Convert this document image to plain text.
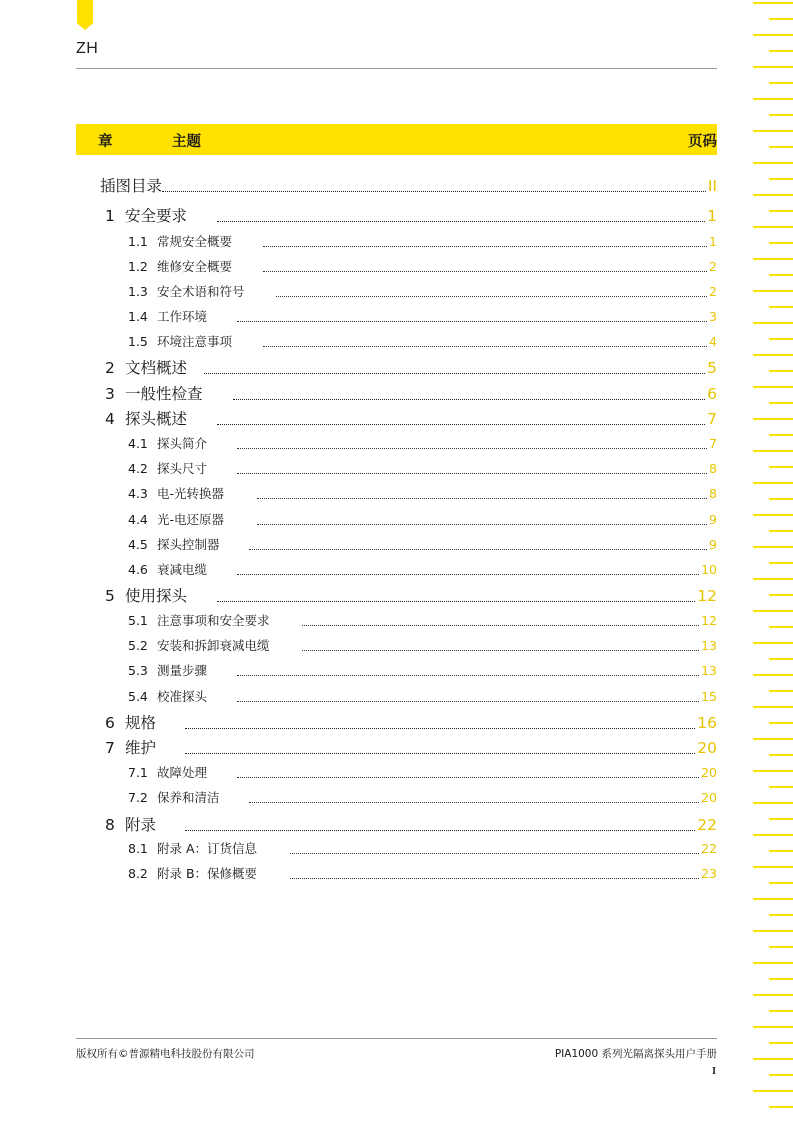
ZH
章	主题	页码
插图目录	II
1 安全要求	1
1.1 常规安全概要	1
1.2 维修安全概要	2
1.3 安全术语和符号	2
1.4 工作环境	3
1.5 环境注意事项	4
2 文档概述	5
3 一般性检查	6
4 探头概述	7
4.1 探头简介	7
4.2 探头尺寸	8
4.3 电-光转换器	8
4.4 光-电还原器	9
4.5 探头控制器	9
4.6 衰减电缆	10
5 使用探头	12
5.1 注意事项和安全要求	12
5.2 安装和拆卸衰减电缆	13
5.3 测量步骤	13
5.4 校准探头	15
6 规格	16
7 维护	20
7.1 故障处理	20
7.2 保养和清洁	20
8 附录	22
8.1 附录 A：订货信息	22
8.2 附录 B：保修概要	23
版权所有©普源精电科技股份有限公司	PIA1000 系列光隔离探头用户手册
I
